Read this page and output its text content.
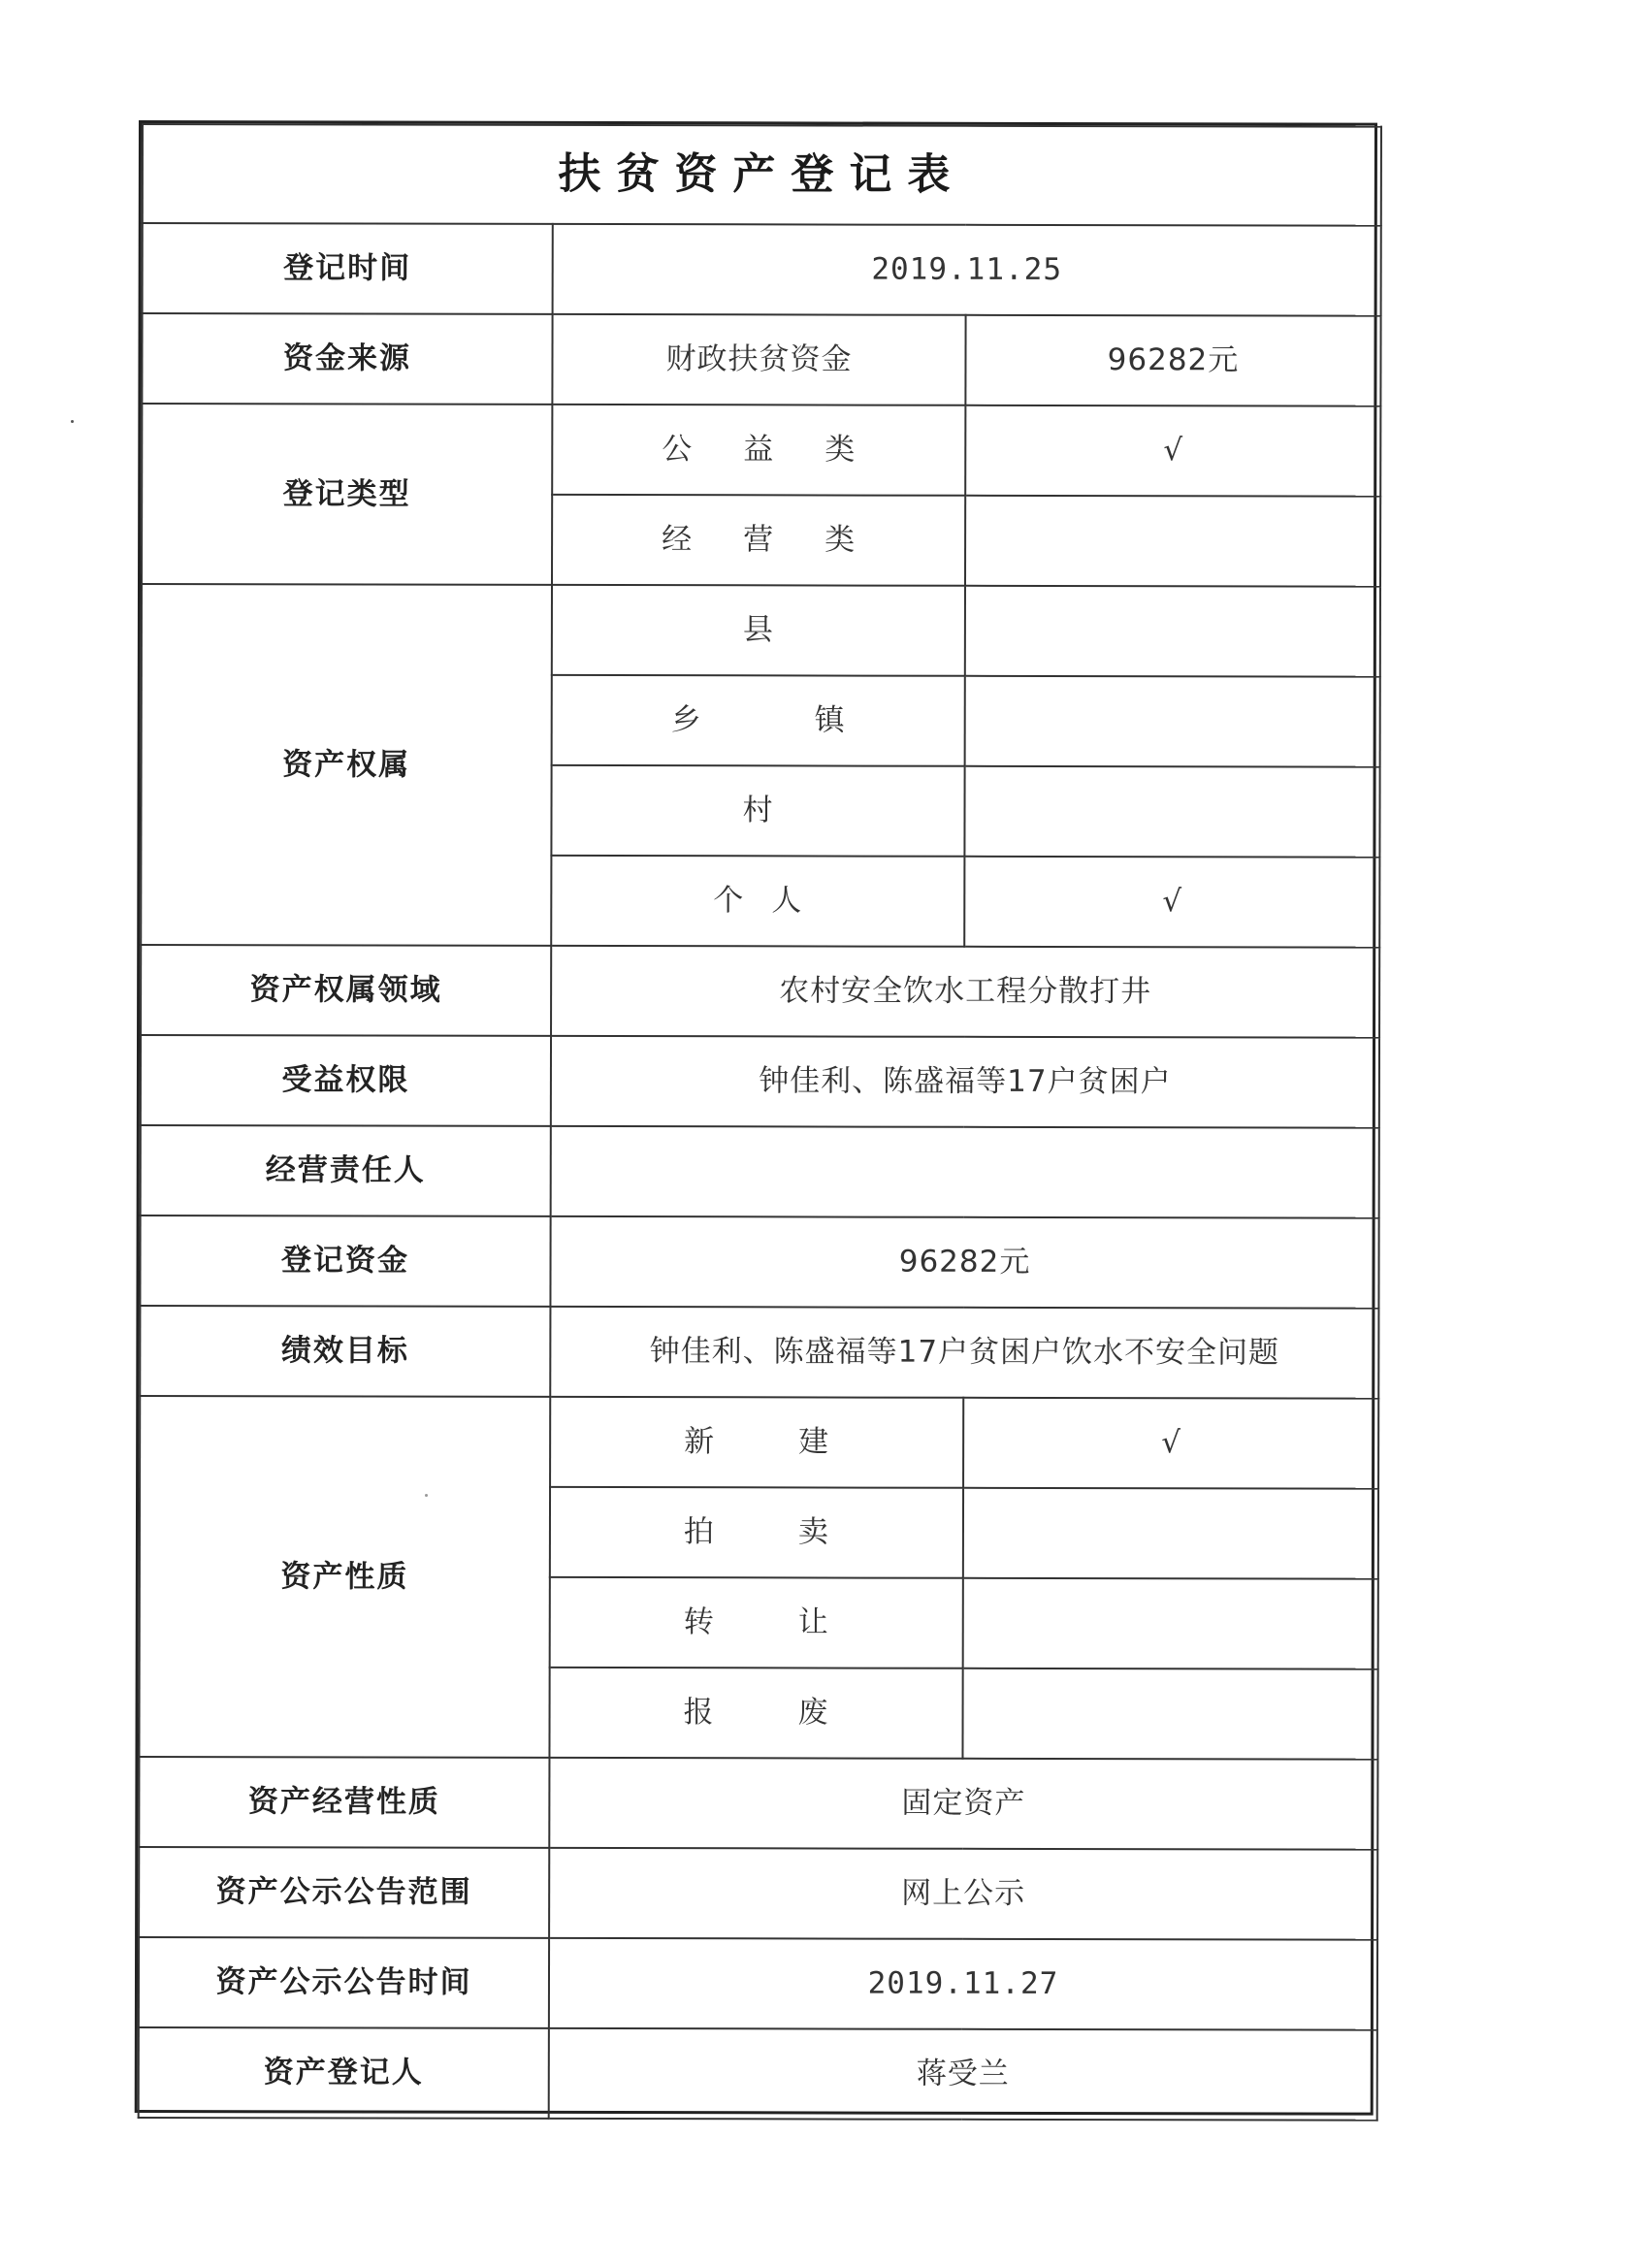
扶贫资产登记表		
登记时间	2019.11.25	
资金来源	财政扶贫资金	96282元
登记类型	公 益 类	√

	经 营 类	

资产权属	县	

	乡 镇	

	村	

	个 人	√
资产权属领域	农村安全饮水工程分散打井	
受益权限	钟佳利、陈盛福等17户贫困户	
经营责任人		
登记资金	96282元	
绩效目标	钟佳利、陈盛福等17户贫困户饮水不安全问题	
资产性质	新 建	√

	拍 卖	

	转 让	

	报 废	

资产经营性质	固定资产	
资产公示公告范围	网上公示	
资产公示公告时间	2019.11.27	
资产登记人	蒋受兰	
